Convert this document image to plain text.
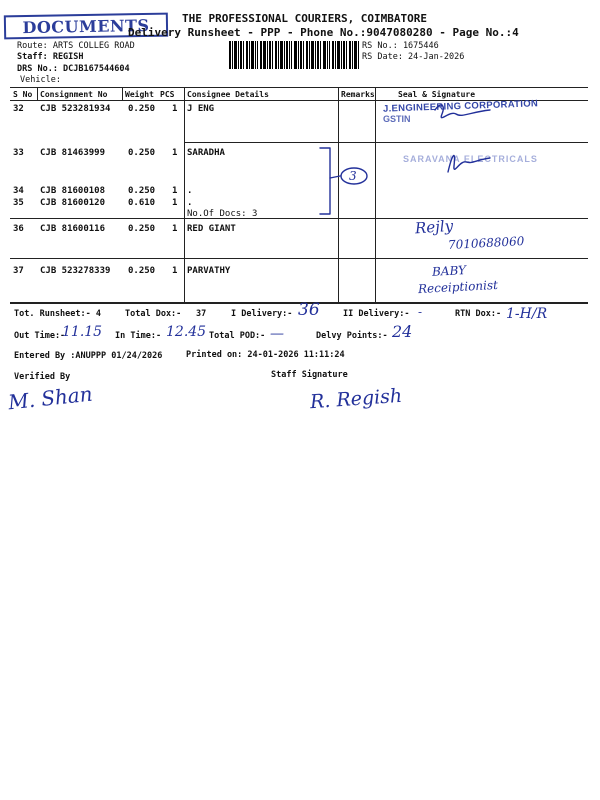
DOCUMENTS	THE PROFESSIONAL COURIERS, COIMBATORE
Delivery Runsheet - PPP - Phone No.:9047080280 - Page No.:4
Route: ARTS COLLEG ROAD
Staff: REGISH
DRS No.: DCJB167544604
Vehicle:
RS No.: 1675446
RS Date: 24-Jan-2026
S No Consignment No Weight PCS Consignee Details	Remarks	Seal & Signature
32 CJB 523281934 0.250 1 J ENG
33 CJB 81463999	0.250 1 SARADHA
34 CJB 81600108	0.250 1 .
35 CJB 81600120	0.610 1 .
No.Of Docs: 3
36 CJB 81600116	0.250 1 RED GIANT
37 CJB 523278339 0.250 1 PARVATHY
J.ENGINEERING CORPORATION
GSTIN
SARAVANA ELECTRICALS
3
Rejly
7010688060
BABY
Receiptionist
Tot. Runsheet:- 4	Total Dox:- 37	I Delivery:- 36	II Delivery:- -	RTN Dox:- 1-H/R
Out Time:-
11.15 In Time:- 12.45 Total POD:- —	Delvy Points:- 24
Entered By :ANUPPP 01/24/2026	Printed on: 24-01-2026 11:11:24
Verified By	Staff Signature
M. Shan	R. Regish
